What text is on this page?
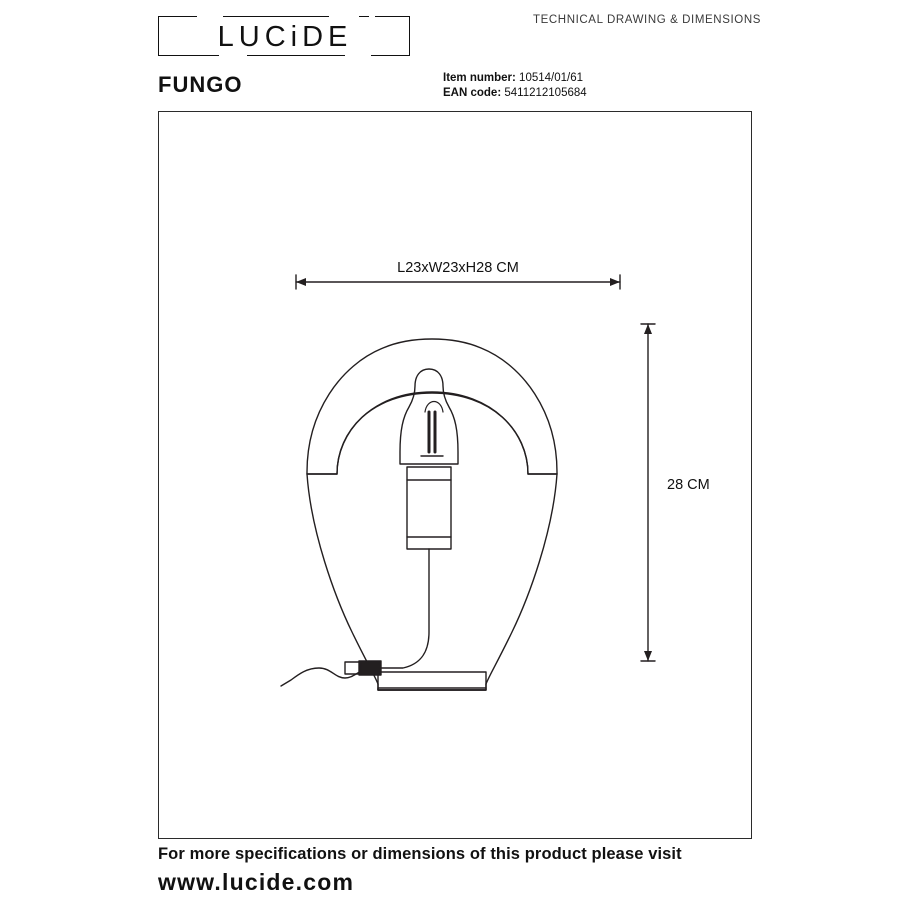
LUCiDE
TECHNICAL DRAWING & DIMENSIONS
FUNGO	Item number: 10514/01/61
EAN code: 5411212105684
L23xW23xH28 CM
28 CM
For more specifications or dimensions of this product please visit
www.lucide.com
